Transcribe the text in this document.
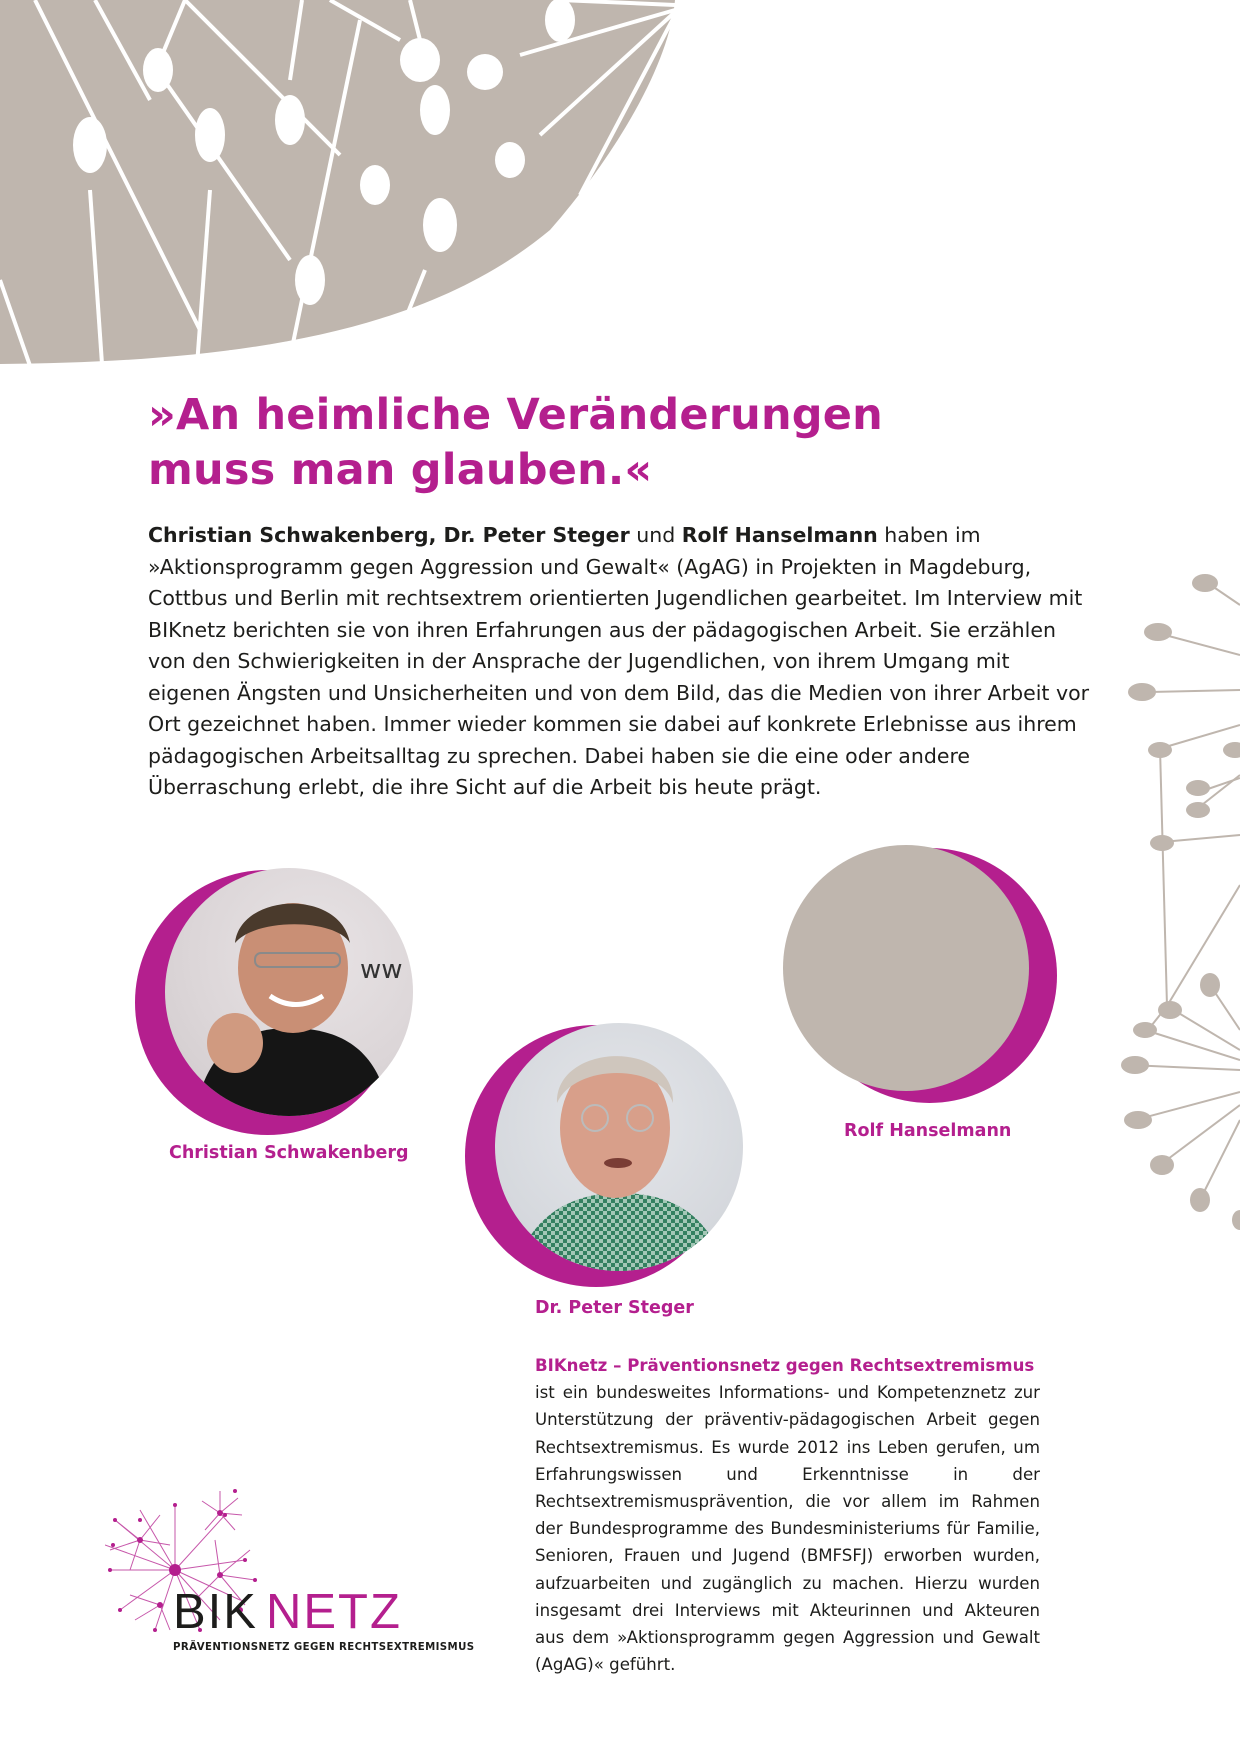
»An heimliche Veränderungen
muss man glauben.«

Christian Schwakenberg, Dr. Peter Steger und Rolf Hanselmann haben im »Aktionsprogramm gegen Aggression und Gewalt« (AgAG) in Projekten in Magdeburg, Cottbus und Berlin mit rechtsextrem orientierten Jugendlichen gearbeitet. Im Interview mit BIKnetz berichten sie von ihren Erfahrungen aus der pädagogischen Arbeit. Sie erzählen von den Schwierigkeiten in der Ansprache der Jugendlichen, von ihrem Umgang mit eigenen Ängsten und Unsicherheiten und von dem Bild, das die Medien von ihrer Arbeit vor Ort gezeichnet haben. Immer wieder kommen sie dabei auf konkrete Erlebnisse aus ihrem pädagogischen Arbeitsalltag zu sprechen. Dabei haben sie die eine oder andere Überraschung erlebt, die ihre Sicht auf die Arbeit bis heute prägt.

ww
Christian Schwakenberg
Dr. Peter Steger
Rolf Hanselmann

BIKnetz – Präventionsnetz gegen Rechtsextremismus
ist ein bundesweites Informations- und Kompetenznetz zur Unterstützung der präventiv-pädagogischen Arbeit gegen Rechtsextremismus. Es wurde 2012 ins Leben gerufen, um Erfahrungswissen und Erkenntnisse in der Rechtsextremismusprävention, die vor allem im Rahmen der Bundesprogramme des Bundesministeriums für Familie, Senioren, Frauen und Jugend (BMFSFJ) erworben wurden, aufzuarbeiten und zugänglich zu machen. Hierzu wurden insgesamt drei Interviews mit Akteurinnen und Akteuren aus dem »Aktionsprogramm gegen Aggression und Gewalt (AgAG)« geführt.

BIK NETZ
PRÄVENTIONSNETZ GEGEN RECHTSEXTREMISMUS
